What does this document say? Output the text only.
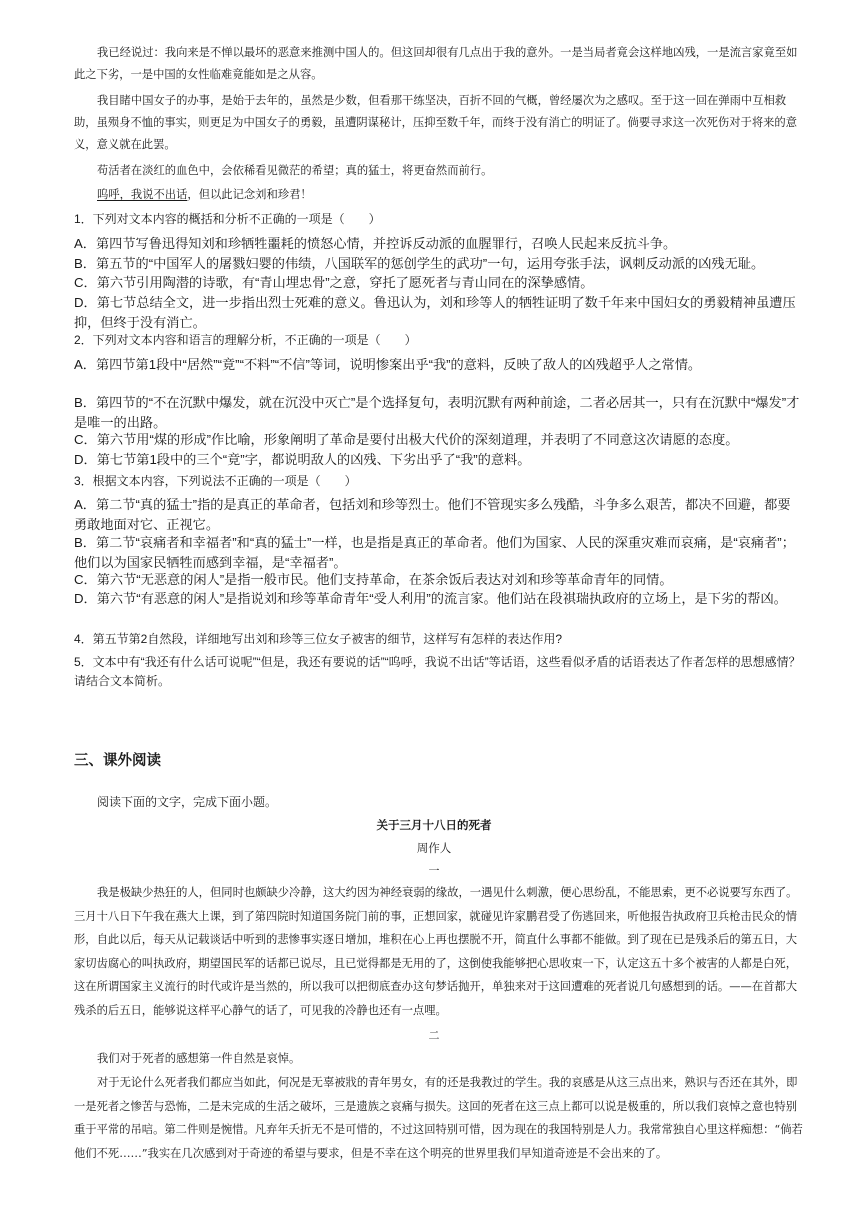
我已经说过：我向来是不惮以最坏的恶意来推测中国人的。但这回却很有几点出于我的意外。一是当局者竟会这样地凶残，一是流言家竟至如此之下劣，一是中国的女性临难竟能如是之从容。

我目睹中国女子的办事，是始于去年的，虽然是少数，但看那干练坚决，百折不回的气概，曾经屡次为之感叹。至于这一回在弹雨中互相救助，虽殒身不恤的事实，则更足为中国女子的勇毅，虽遭阴谋秘计，压抑至数千年，而终于没有消亡的明证了。倘要寻求这一次死伤对于将来的意义，意义就在此罢。

苟活者在淡红的血色中，会依稀看见微茫的希望；真的猛士，将更奋然而前行。

呜呼，我说不出话，但以此记念刘和珍君！

1．下列对文本内容的概括和分析不正确的一项是（　　）

A．第四节写鲁迅得知刘和珍牺牲噩耗的愤怒心情，并控诉反动派的血腥罪行，召唤人民起来反抗斗争。

B．第五节的“中国军人的屠戮妇婴的伟绩，八国联军的惩创学生的武功”一句，运用夸张手法，讽刺反动派的凶残无耻。

C．第六节引用陶潜的诗歌，有“青山埋忠骨”之意，穿托了愿死者与青山同在的深挚感情。

D．第七节总结全文，进一步指出烈士死难的意义。鲁迅认为，刘和珍等人的牺牲证明了数千年来中国妇女的勇毅精神虽遭压抑，但终于没有消亡。

2．下列对文本内容和语言的理解分析，不正确的一项是（　　）

A．第四节第1段中“居然”“竟”“不料”“不信”等词，说明惨案出乎“我”的意料，反映了敌人的凶残超乎人之常情。

B．第四节的“不在沉默中爆发，就在沉没中灭亡”是个选择复句，表明沉默有两种前途，二者必居其一，只有在沉默中“爆发”才是唯一的出路。

C．第六节用“煤的形成”作比喻，形象阐明了革命是要付出极大代价的深刻道理，并表明了不同意这次请愿的态度。

D．第七节第1段中的三个“竟”字，都说明敌人的凶残、下劣出乎了“我”的意料。

3．根据文本内容，下列说法不正确的一项是（　　）

A．第二节“真的猛士”指的是真正的革命者，包括刘和珍等烈士。他们不管现实多么残酷，斗争多么艰苦，都决不回避，都要勇敢地面对它、正视它。

B．第二节“哀痛者和幸福者”和“真的猛士”一样，也是指是真正的革命者。他们为国家、人民的深重灾难而哀痛，是“哀痛者”；他们以为国家民牺牲而感到幸福，是“幸福者”。

C．第六节“无恶意的闲人”是指一般市民。他们支持革命，在茶余饭后表达对刘和珍等革命青年的同情。

D．第六节“有恶意的闲人”是指说刘和珍等革命青年“受人利用”的流言家。他们站在段祺瑞执政府的立场上，是下劣的帮凶。

4．第五节第2自然段，详细地写出刘和珍等三位女子被害的细节，这样写有怎样的表达作用?

5．文本中有“我还有什么话可说呢”“但是，我还有要说的话”“呜呼，我说不出话”等话语，这些看似矛盾的话语表达了作者怎样的思想感情？请结合文本简析。

三、课外阅读
阅读下面的文字，完成下面小题。
关于三月十八日的死者
周作人
一

我是极缺少热狂的人，但同时也颇缺少冷静，这大约因为神经衰弱的缘故，一遇见什么刺激，便心思纷乱，不能思索，更不必说要写东西了。三月十八日下午我在燕大上课，到了第四院时知道国务院门前的事，正想回家，就碰见许家鹏君受了伤逃回来，听他报告执政府卫兵枪击民众的情形，自此以后，每天从记载谈话中听到的悲惨事实逐日增加，堆积在心上再也摆脱不开，简直什么事都不能做。到了现在已是残杀后的第五日，大家切齿腐心的叫执政府，期望国民军的话都已说尽，且已觉得都是无用的了，这倒使我能够把心思收束一下，认定这五十多个被害的人都是白死，这在所谓国家主义流行的时代或许是当然的，所以我可以把彻底查办这句梦话抛开，单独来对于这回遭难的死者说几句感想到的话。——在首都大残杀的后五日，能够说这样平心静气的话了，可见我的冷静也还有一点哩。

二

我们对于死者的感想第一件自然是哀悼。

对于无论什么死者我们都应当如此，何况是无辜被戕的青年男女，有的还是我教过的学生。我的哀感是从这三点出来，熟识与否还在其外，即一是死者之惨苦与恐怖，二是未完成的生活之破坏，三是遗族之哀痛与损失。这回的死者在这三点上都可以说是极重的，所以我们哀悼之意也特别重于平常的吊唁。第二件则是惋惜。凡弃年夭折无不是可惜的，不过这回特别可惜，因为现在的我国特别是人力。我常常独自心里这样痴想：“倘若他们不死……”我实在几次感到对于奇迹的希望与要求，但是不幸在这个明亮的世界里我们早知道奇迹是不会出来的了。
